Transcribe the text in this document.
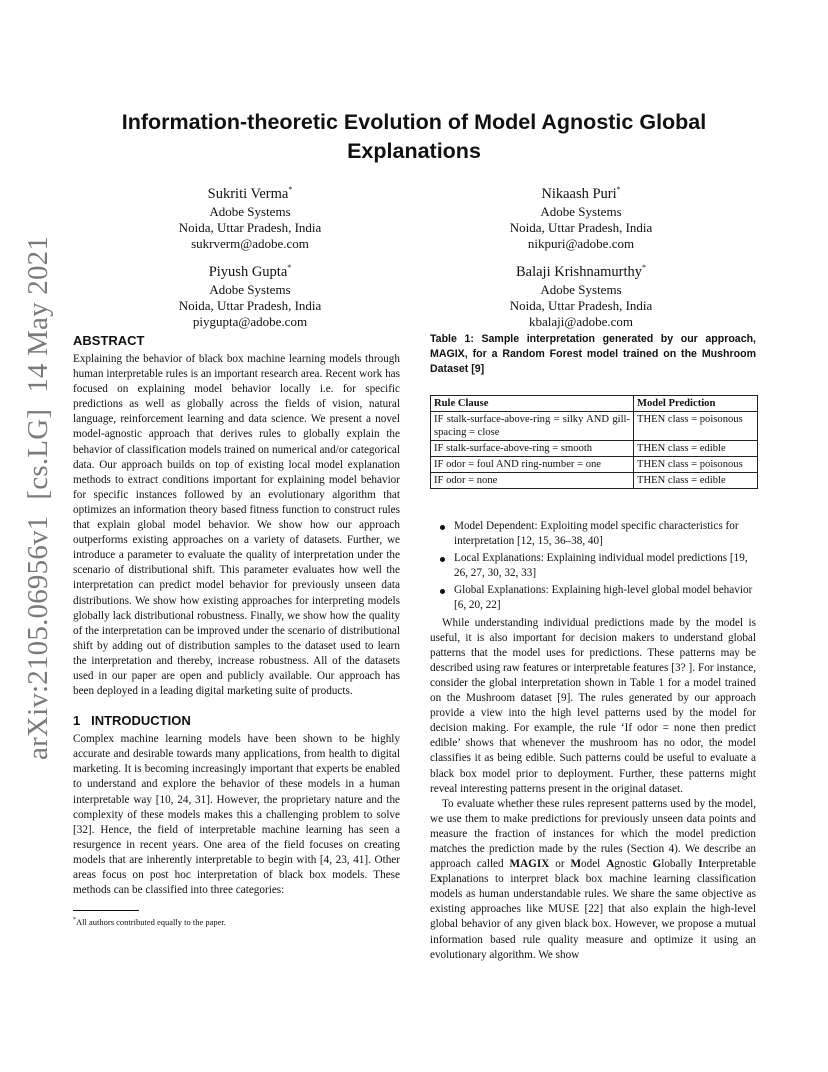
arXiv:2105.06956v1[cs.LG]14 May 2021
Information-theoretic Evolution of Model Agnostic Global Explanations
Sukriti Verma*
Adobe Systems
Noida, Uttar Pradesh, India
sukrverm@adobe.com
Nikaash Puri*
Adobe Systems
Noida, Uttar Pradesh, India
nikpuri@adobe.com
Piyush Gupta*
Adobe Systems
Noida, Uttar Pradesh, India
piygupta@adobe.com
Balaji Krishnamurthy*
Adobe Systems
Noida, Uttar Pradesh, India
kbalaji@adobe.com
ABSTRACT

Explaining the behavior of black box machine learning models through human interpretable rules is an important research area. Recent work has focused on explaining model behavior locally i.e. for specific predictions as well as globally across the fields of vision, natural language, reinforcement learning and data science. We present a novel model-agnostic approach that derives rules to globally explain the behavior of classification models trained on numerical and/or categorical data. Our approach builds on top of existing local model explanation methods to extract conditions important for explaining model behavior for specific instances followed by an evolutionary algorithm that optimizes an information theory based fitness function to construct rules that explain global model behavior. We show how our approach outperforms existing approaches on a variety of datasets. Further, we introduce a parameter to evaluate the quality of interpretation under the scenario of distributional shift. This parameter evaluates how well the interpretation can predict model behavior for previously unseen data distributions. We show how existing approaches for interpreting models globally lack distributional robustness. Finally, we show how the quality of the interpretation can be improved under the scenario of distributional shift by adding out of distribution samples to the dataset used to learn the interpretation and thereby, increase robustness. All of the datasets used in our paper are open and publicly available. Our approach has been deployed in a leading digital marketing suite of products.

1 INTRODUCTION

Complex machine learning models have been shown to be highly accurate and desirable towards many applications, from health to digital marketing. It is becoming increasingly important that experts be enabled to understand and explore the behavior of these models in a human interpretable way [10, 24, 31]. However, the proprietary nature and the complexity of these models makes this a challenging problem to solve [32]. Hence, the field of interpretable machine learning has seen a resurgence in recent years. One area of the field focuses on creating models that are inherently interpretable to begin with [4, 23, 41]. Other areas focus on post hoc interpretation of black box models. These methods can be classified into three categories:

*All authors contributed equally to the paper.
Table 1: Sample interpretation generated by our approach, MAGIX, for a Random Forest model trained on the Mushroom Dataset [9]
Rule Clause	Model Prediction
IF stalk-surface-above-ring = silky AND gill-spacing = close	THEN class = poisonous
IF stalk-surface-above-ring = smooth	THEN class = edible
IF odor = foul AND ring-number = one	THEN class = poisonous
IF odor = none	THEN class = edible
Model Dependent: Exploiting model specific characteristics for interpretation [12, 15, 36–38, 40]
Local Explanations: Explaining individual model predictions [19, 26, 27, 30, 32, 33]
Global Explanations: Explaining high-level global model behavior [6, 20, 22]

While understanding individual predictions made by the model is useful, it is also important for decision makers to understand global patterns that the model uses for predictions. These patterns may be described using raw features or interpretable features [3? ]. For instance, consider the global interpretation shown in Table 1 for a model trained on the Mushroom dataset [9]. The rules generated by our approach provide a view into the high level patterns used by the model for decision making. For example, the rule ‘If odor = none then predict edible’ shows that whenever the mushroom has no odor, the model classifies it as being edible. Such patterns could be useful to evaluate a black box model prior to deployment. Further, these patterns might reveal interesting patterns present in the original dataset.

To evaluate whether these rules represent patterns used by the model, we use them to make predictions for previously unseen data points and measure the fraction of instances for which the model prediction matches the prediction made by the rules (Section 4). We describe an approach called MAGIX or Model Agnostic Globally Interpretable Explanations to interpret black box machine learning classification models as human understandable rules. We share the same objective as existing approaches like MUSE [22] that also explain the high-level global behavior of any given black box. However, we propose a mutual information based rule quality measure and optimize it using an evolutionary algorithm. We show
